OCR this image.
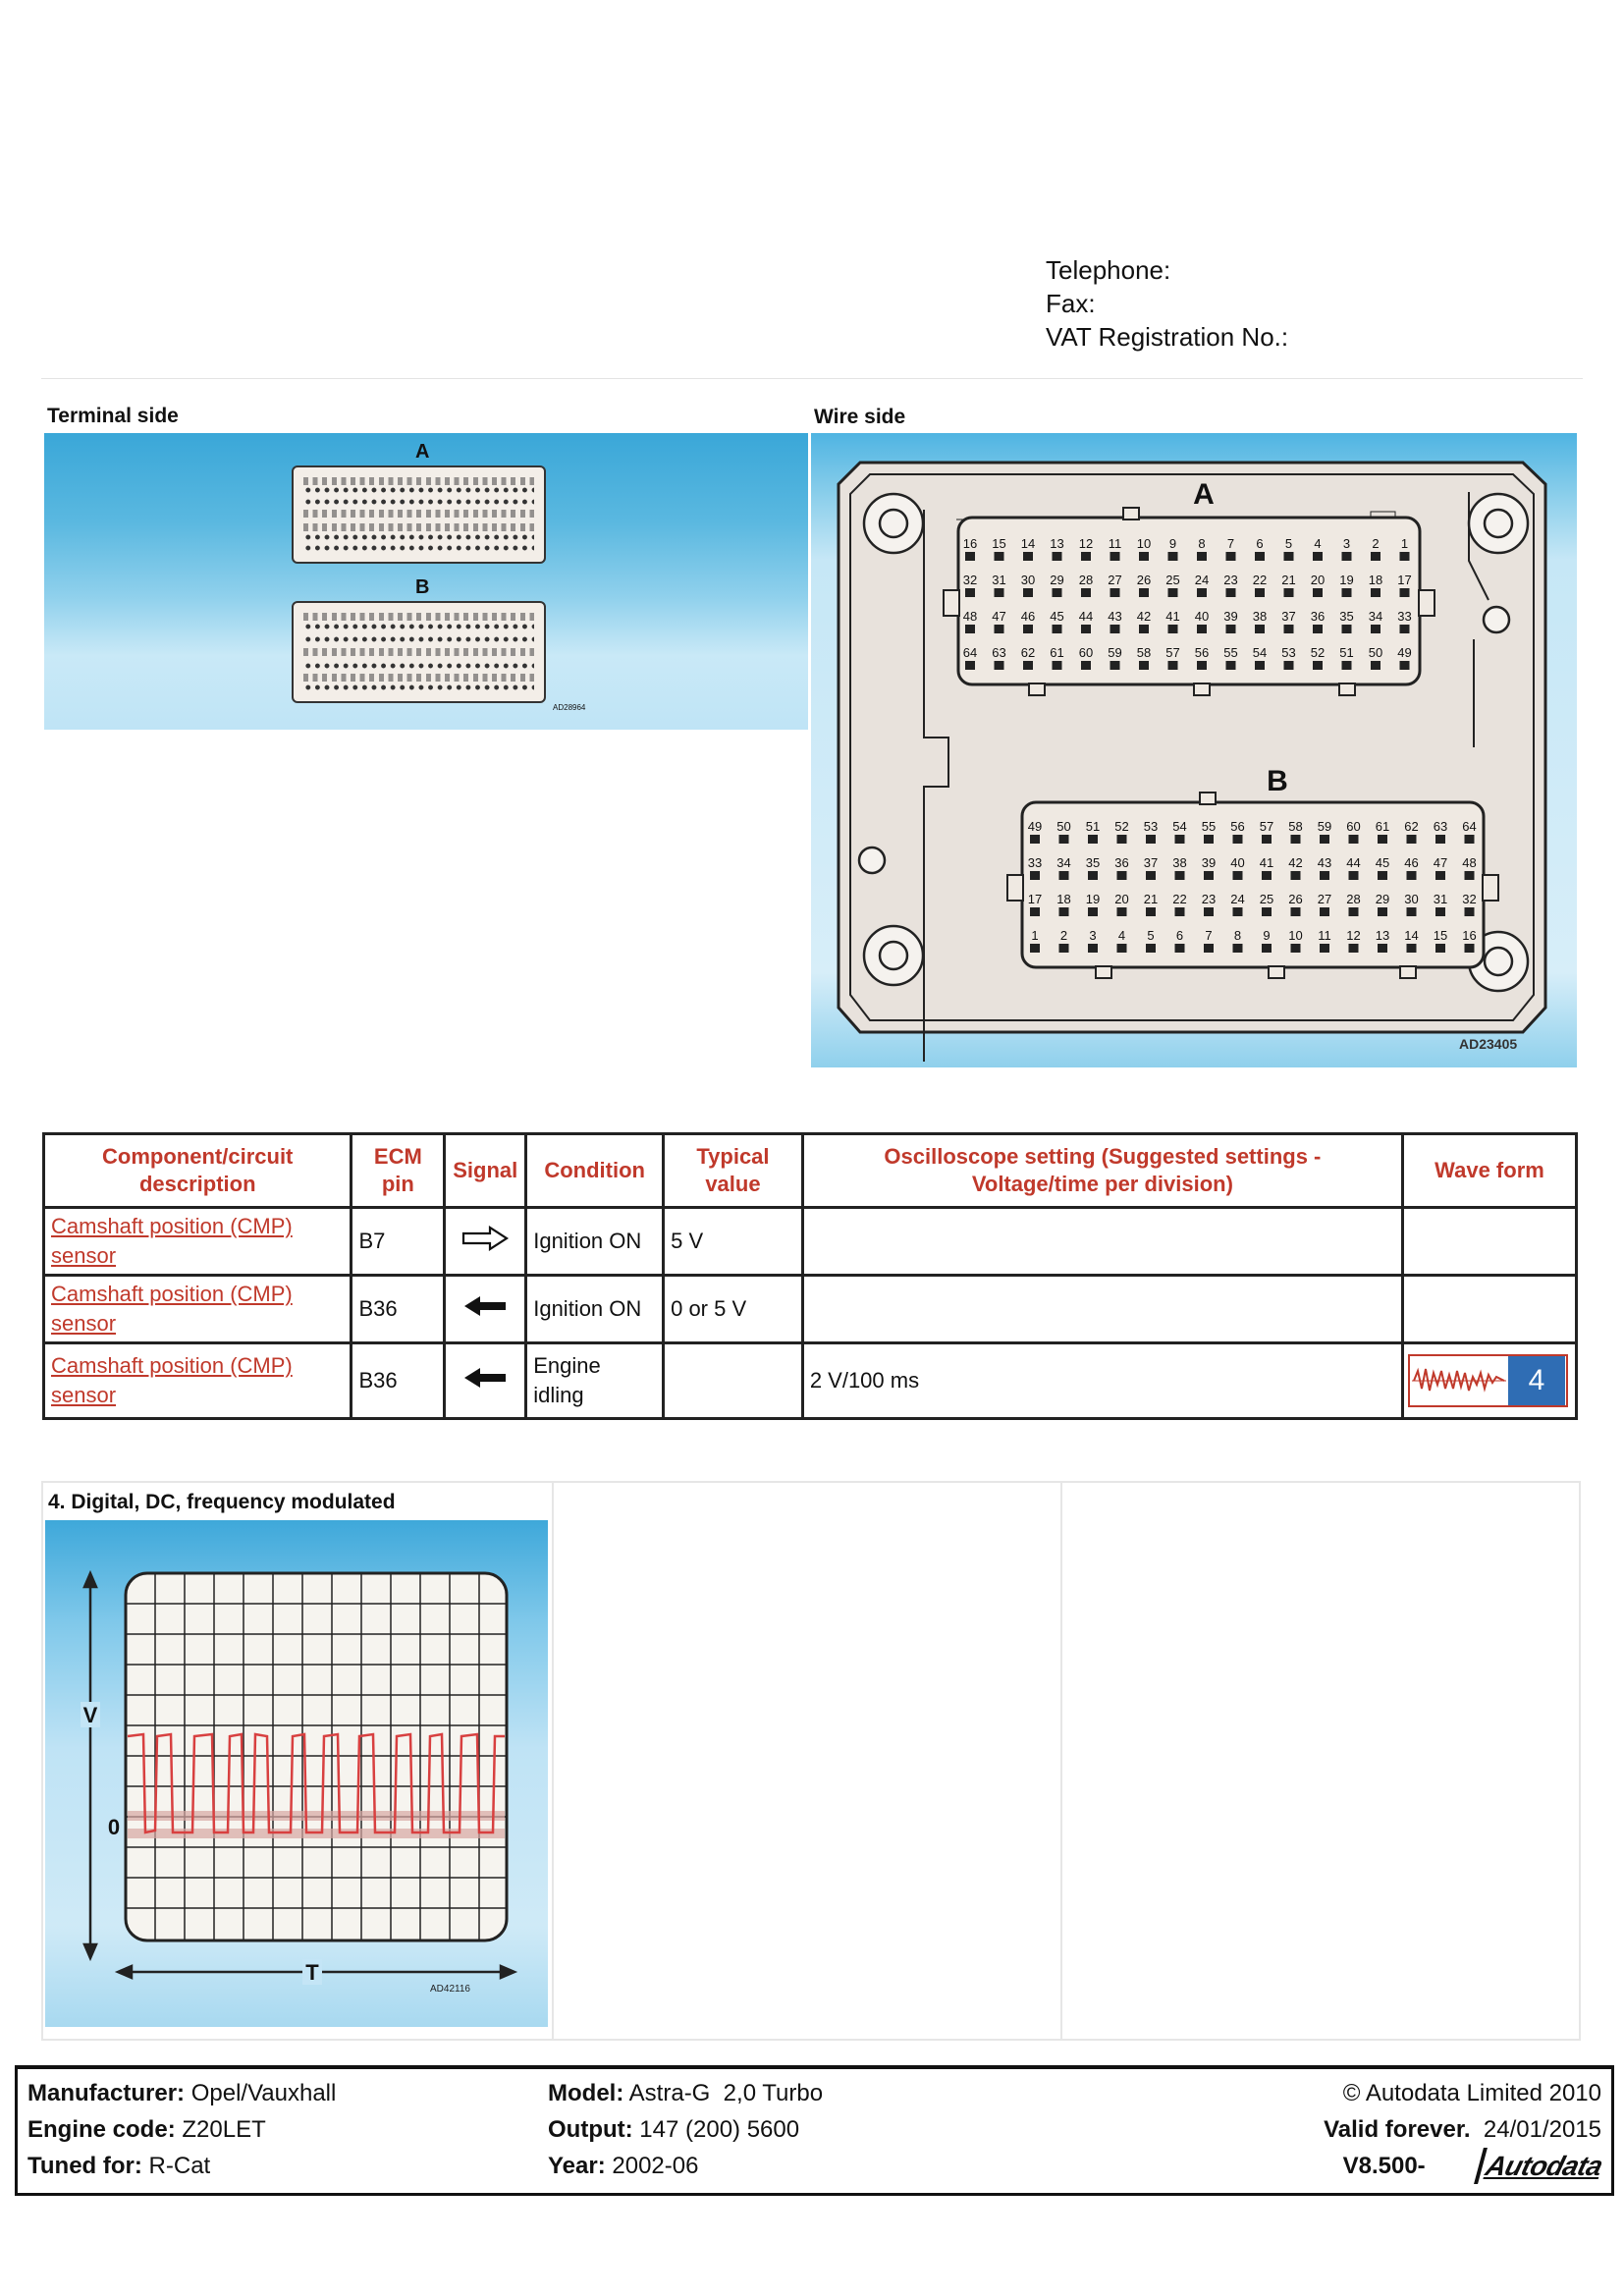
Telephone:
Fax:
VAT Registration No.:
Terminal side
A
B
AD28964
Wire side
A
B
16 15 14 13 12 11 10 9 8 7 6 5 4 3 2 1
32 31 30 29 28 27 26 25 24 23 22 21 20 19 18 17
48 47 46 45 44 43 42 41 40 39 38 37 36 35 34 33
64 63 62 61 60 59 58 57 56 55 54 53 52 51 50 49
49 50 51 52 53 54 55 56 57 58 59 60 61 62 63 64
33 34 35 36 37 38 39 40 41 42 43 44 45 46 47 48
17 18 19 20 21 22 23 24 25 26 27 28 29 30 31 32
1 2 3 4 5 6 7 8 9 10 11 12 13 14 15 16
AD23405
Component/circuit description	ECM pin	Signal	Condition	Typical value	Oscilloscope setting (Suggested settings - Voltage/time per division)	Wave form
Camshaft position (CMP) sensor	B7		Ignition ON	5 V		
Camshaft position (CMP) sensor	B36		Ignition ON	0 or 5 V		
Camshaft position (CMP) sensor	B36		Engine idling		2 V/100 ms	4
4. Digital, DC, frequency modulated
V
0
T
AD42116
Manufacturer: Opel/Vauxhall
Engine code: Z20LET
Tuned for: R-Cat
Model: Astra-G  2,0 Turbo
Output: 147 (200) 5600
Year: 2002-06
© Autodata Limited 2010
Valid forever. 24/01/2015
V8.500-	Autodata
